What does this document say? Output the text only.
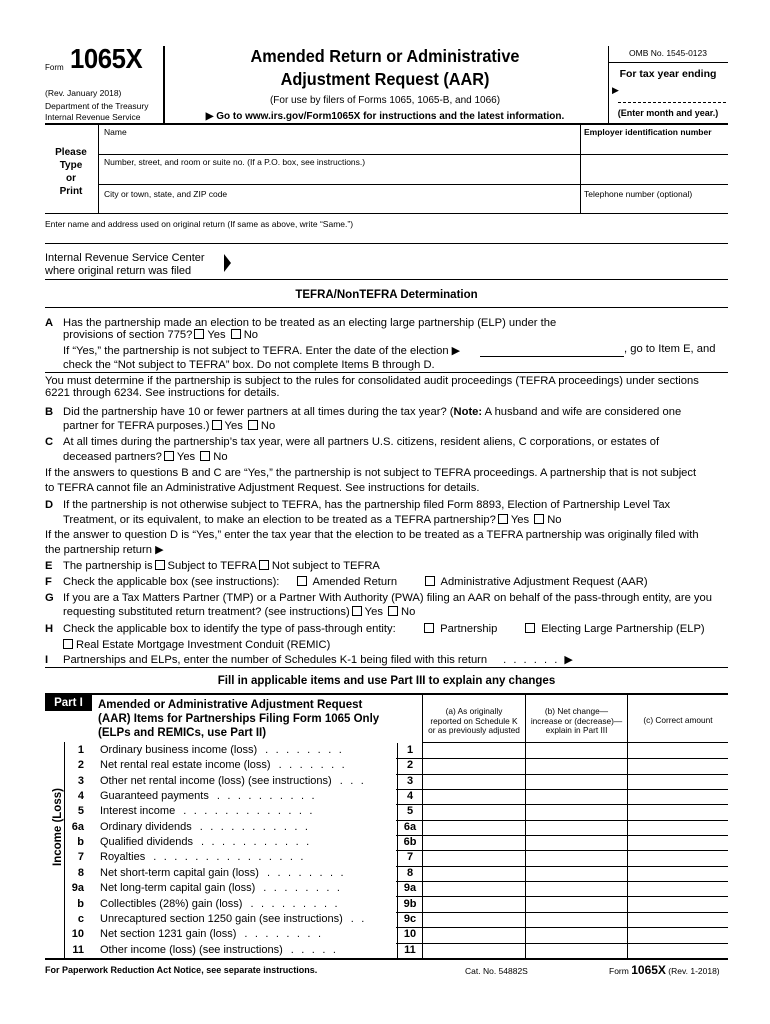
Form 1065X
(Rev. January 2018)
Department of the Treasury
Internal Revenue Service
Amended Return or Administrative
Adjustment Request (AAR)
(For use by filers of Forms 1065, 1065-B, and 1066)
▶ Go to www.irs.gov/Form1065X for instructions and the latest information.
OMB No. 1545-0123
For tax year ending
▶
(Enter month and year.)
Please
Type
or
Print
Name	Employer identification number
Number, street, and room or suite no. (If a P.O. box, see instructions.)
City or town, state, and ZIP code	Telephone number (optional)
Enter name and address used on original return (If same as above, write “Same.”)
Internal Revenue Service Center
where original return was filed
TEFRA/NonTEFRA Determination
A Has the partnership made an election to be treated as an electing large partnership (ELP) under the
provisions of section 775? Yes No
If “Yes,” the partnership is not subject to TEFRA. Enter the date of the election ▶	, go to Item E, and
check the “Not subject to TEFRA” box. Do not complete Items B through D.
You must determine if the partnership is subject to the rules for consolidated audit proceedings (TEFRA proceedings) under sections
6221 through 6234. See instructions for details.
B Did the partnership have 10 or fewer partners at all times during the tax year? (Note: A husband and wife are considered one
partner for TEFRA purposes.) Yes No
C At all times during the partnership’s tax year, were all partners U.S. citizens, resident aliens, C corporations, or estates of
deceased partners? Yes No
If the answers to questions B and C are “Yes,” the partnership is not subject to TEFRA proceedings. A partnership that is not subject
to TEFRA cannot file an Administrative Adjustment Request. See instructions for details.
D If the partnership is not otherwise subject to TEFRA, has the partnership filed Form 8893, Election of Partnership Level Tax
Treatment, or its equivalent, to make an election to be treated as a TEFRA partnership? Yes No
If the answer to question D is “Yes,” enter the tax year that the election to be treated as a TEFRA partnership was originally filed with
the partnership return ▶
E The partnership is Subject to TEFRA Not subject to TEFRA
F Check the applicable box (see instructions):	Amended Return	Administrative Adjustment Request (AAR)
G If you are a Tax Matters Partner (TMP) or a Partner With Authority (PWA) filing an AAR on behalf of the pass-through entity, are you
requesting substituted return treatment? (see instructions) Yes No
H Check the applicable box to identify the type of pass-through entity:	Partnership	Electing Large Partnership (ELP)
Real Estate Mortgage Investment Conduit (REMIC)
I Partnerships and ELPs, enter the number of Schedules K-1 being filed with this return . . . . . . ▶
Fill in applicable items and use Part III to explain any changes
Part I	Amended or Administrative Adjustment Request
(AAR) Items for Partnerships Filing Form 1065 Only
(ELPs and REMICs, use Part II)
(a) As originally
reported on Schedule K
or as previously adjusted
(b) Net change—
increase or (decrease)—
explain in Part III
(c) Correct amount
Income (Loss)
1 Ordinary business income (loss) . . . . . . . .	1
2 Net rental real estate income (loss) . . . . . . .	2
3 Other net rental income (loss) (see instructions) . . .	3
4 Guaranteed payments . . . . . . . . . .	4
5 Interest income . . . . . . . . . . . . .	5
6a Ordinary dividends . . . . . . . . . . .	6a
b Qualified dividends . . . . . . . . . . .	6b
7 Royalties . . . . . . . . . . . . . . .	7
8 Net short-term capital gain (loss) . . . . . . . .	8
9a Net long-term capital gain (loss) . . . . . . . .	9a
b Collectibles (28%) gain (loss) . . . . . . . . .	9b
c Unrecaptured section 1250 gain (see instructions) . .	9c
10 Net section 1231 gain (loss) . . . . . . . .	10
11 Other income (loss) (see instructions) . . . . .	11
For Paperwork Reduction Act Notice, see separate instructions.	Cat. No. 54882S	Form 1065X (Rev. 1-2018)
